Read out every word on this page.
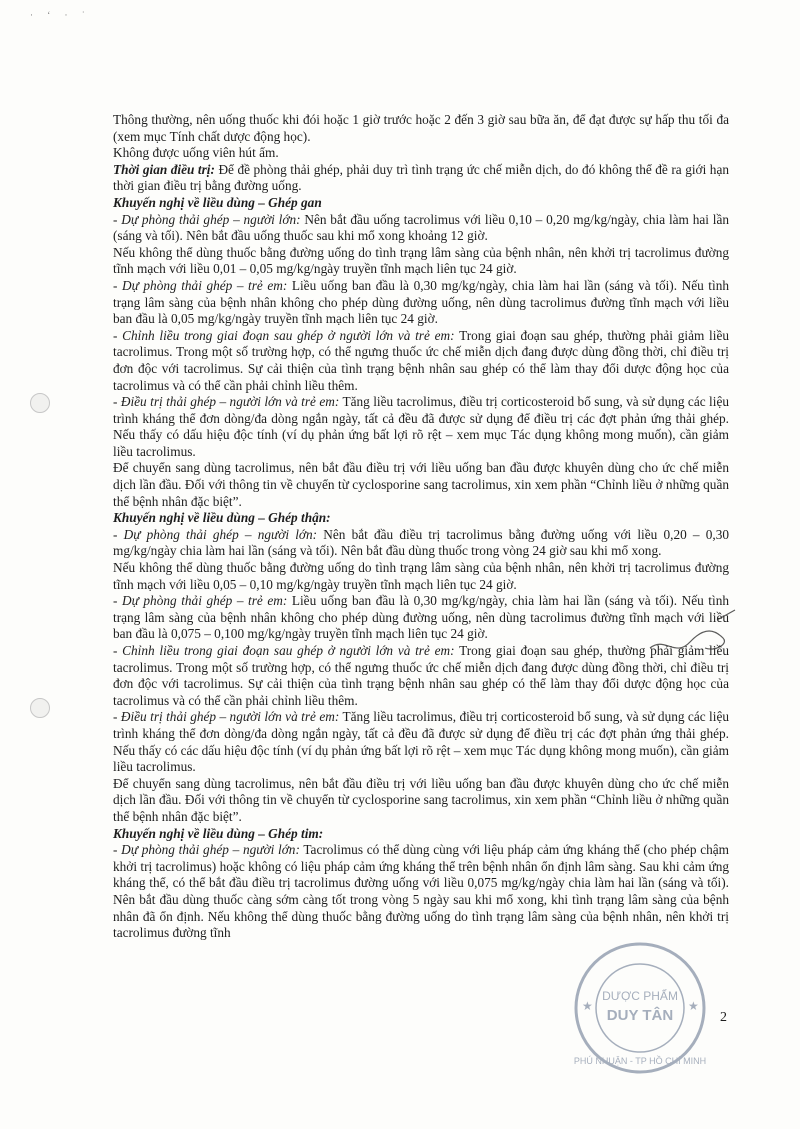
· ‘ · ˙

Thông thường, nên uống thuốc khi đói hoặc 1 giờ trước hoặc 2 đến 3 giờ sau bữa ăn, để đạt được sự hấp thu tối đa (xem mục Tính chất dược động học).

Không được uống viên hút ẩm.

Thời gian điều trị: Để đề phòng thải ghép, phải duy trì tình trạng ức chế miễn dịch, do đó không thể đề ra giới hạn thời gian điều trị bằng đường uống.

Khuyến nghị về liều dùng – Ghép gan

- Dự phòng thải ghép – người lớn: Nên bắt đầu uống tacrolimus với liều 0,10 – 0,20 mg/kg/ngày, chia làm hai lần (sáng và tối). Nên bắt đầu uống thuốc sau khi mổ xong khoảng 12 giờ.

Nếu không thể dùng thuốc bằng đường uống do tình trạng lâm sàng của bệnh nhân, nên khởi trị tacrolimus đường tĩnh mạch với liều 0,01 – 0,05 mg/kg/ngày truyền tĩnh mạch liên tục 24 giờ.

- Dự phòng thải ghép – trẻ em: Liều uống ban đầu là 0,30 mg/kg/ngày, chia làm hai lần (sáng và tối). Nếu tình trạng lâm sàng của bệnh nhân không cho phép dùng đường uống, nên dùng tacrolimus đường tĩnh mạch với liều ban đầu là 0,05 mg/kg/ngày truyền tĩnh mạch liên tục 24 giờ.

- Chỉnh liều trong giai đoạn sau ghép ở người lớn và trẻ em: Trong giai đoạn sau ghép, thường phải giảm liều tacrolimus. Trong một số trường hợp, có thể ngưng thuốc ức chế miễn dịch đang được dùng đồng thời, chỉ điều trị đơn độc với tacrolimus. Sự cải thiện của tình trạng bệnh nhân sau ghép có thể làm thay đổi dược động học của tacrolimus và có thể cần phải chỉnh liều thêm.

- Điều trị thải ghép – người lớn và trẻ em: Tăng liều tacrolimus, điều trị corticosteroid bổ sung, và sử dụng các liệu trình kháng thể đơn dòng/đa dòng ngắn ngày, tất cả đều đã được sử dụng để điều trị các đợt phản ứng thải ghép. Nếu thấy có dấu hiệu độc tính (ví dụ phản ứng bất lợi rõ rệt – xem mục Tác dụng không mong muốn), cần giảm liều tacrolimus.

Để chuyển sang dùng tacrolimus, nên bắt đầu điều trị với liều uống ban đầu được khuyên dùng cho ức chế miễn dịch lần đầu. Đối với thông tin về chuyển từ cyclosporine sang tacrolimus, xin xem phần “Chỉnh liều ở những quần thể bệnh nhân đặc biệt”.

Khuyến nghị về liều dùng – Ghép thận:

- Dự phòng thải ghép – người lớn: Nên bắt đầu điều trị tacrolimus bằng đường uống với liều 0,20 – 0,30 mg/kg/ngày chia làm hai lần (sáng và tối). Nên bắt đầu dùng thuốc trong vòng 24 giờ sau khi mổ xong.

Nếu không thể dùng thuốc bằng đường uống do tình trạng lâm sàng của bệnh nhân, nên khởi trị tacrolimus đường tĩnh mạch với liều 0,05 – 0,10 mg/kg/ngày truyền tĩnh mạch liên tục 24 giờ.

- Dự phòng thải ghép – trẻ em: Liều uống ban đầu là 0,30 mg/kg/ngày, chia làm hai lần (sáng và tối). Nếu tình trạng lâm sàng của bệnh nhân không cho phép dùng đường uống, nên dùng tacrolimus đường tĩnh mạch với liều ban đầu là 0,075 – 0,100 mg/kg/ngày truyền tĩnh mạch liên tục 24 giờ.

- Chỉnh liều trong giai đoạn sau ghép ở người lớn và trẻ em: Trong giai đoạn sau ghép, thường phải giảm liều tacrolimus. Trong một số trường hợp, có thể ngưng thuốc ức chế miễn dịch đang được dùng đồng thời, chỉ điều trị đơn độc với tacrolimus. Sự cải thiện của tình trạng bệnh nhân sau ghép có thể làm thay đổi dược động học của tacrolimus và có thể cần phải chỉnh liều thêm.

- Điều trị thải ghép – người lớn và trẻ em: Tăng liều tacrolimus, điều trị corticosteroid bổ sung, và sử dụng các liệu trình kháng thể đơn dòng/đa dòng ngắn ngày, tất cả đều đã được sử dụng để điều trị các đợt phản ứng thải ghép. Nếu thấy có các dấu hiệu độc tính (ví dụ phản ứng bất lợi rõ rệt – xem mục Tác dụng không mong muốn), cần giảm liều tacrolimus.

Để chuyển sang dùng tacrolimus, nên bắt đầu điều trị với liều uống ban đầu được khuyên dùng cho ức chế miễn dịch lần đầu. Đối với thông tin về chuyển từ cyclosporine sang tacrolimus, xin xem phần “Chỉnh liều ở những quần thể bệnh nhân đặc biệt”.

Khuyến nghị về liều dùng – Ghép tim:

- Dự phòng thải ghép – người lớn: Tacrolimus có thể dùng cùng với liệu pháp cảm ứng kháng thể (cho phép chậm khởi trị tacrolimus) hoặc không có liệu pháp cảm ứng kháng thể trên bệnh nhân ổn định lâm sàng. Sau khi cảm ứng kháng thể, có thể bắt đầu điều trị tacrolimus đường uống với liều 0,075 mg/kg/ngày chia làm hai lần (sáng và tối). Nên bắt đầu dùng thuốc càng sớm càng tốt trong vòng 5 ngày sau khi mổ xong, khi tình trạng lâm sàng của bệnh nhân đã ổn định. Nếu không thể dùng thuốc bằng đường uống do tình trạng lâm sàng của bệnh nhân, nên khởi trị tacrolimus đường tĩnh

DƯỢC PHẨM
DUY TÂN
★	★
PHÚ NHUẬN - TP HỒ CHÍ MINH
2
